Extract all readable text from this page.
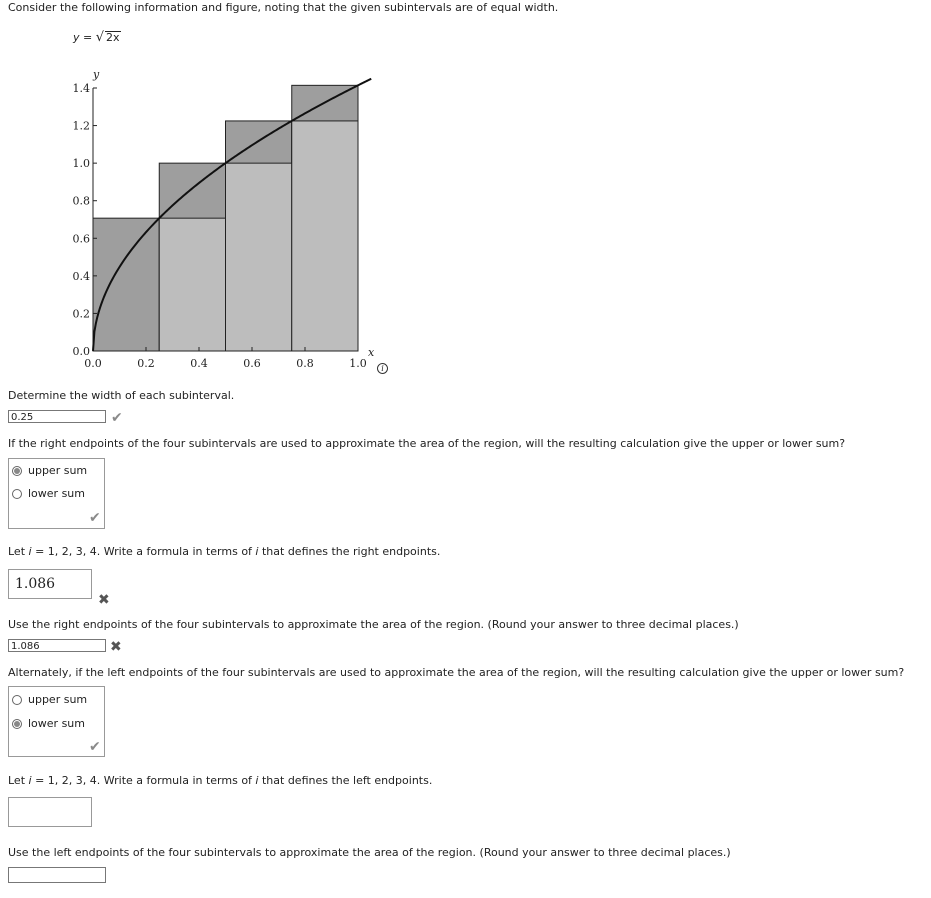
Consider the following information and figure, noting that the given subintervals are of equal width.
y = √ 2x
0.0
0.2
0.4
0.6
0.8
1.0
1.2
1.4
0.0	0.2	0.4	0.6	0.8	1.0
y
x
i
Determine the width of each subinterval.
0.25	✔
If the right endpoints of the four subintervals are used to approximate the area of the region, will the resulting calculation give the upper or lower sum?
upper sum
lower sum
✔
Let i = 1, 2, 3, 4. Write a formula in terms of i that defines the right endpoints.
1.086
✖
Use the right endpoints of the four subintervals to approximate the area of the region. (Round your answer to three decimal places.)
1.086	✖
Alternately, if the left endpoints of the four subintervals are used to approximate the area of the region, will the resulting calculation give the upper or lower sum?
upper sum
lower sum
✔
Let i = 1, 2, 3, 4. Write a formula in terms of i that defines the left endpoints.
Use the left endpoints of the four subintervals to approximate the area of the region. (Round your answer to three decimal places.)
